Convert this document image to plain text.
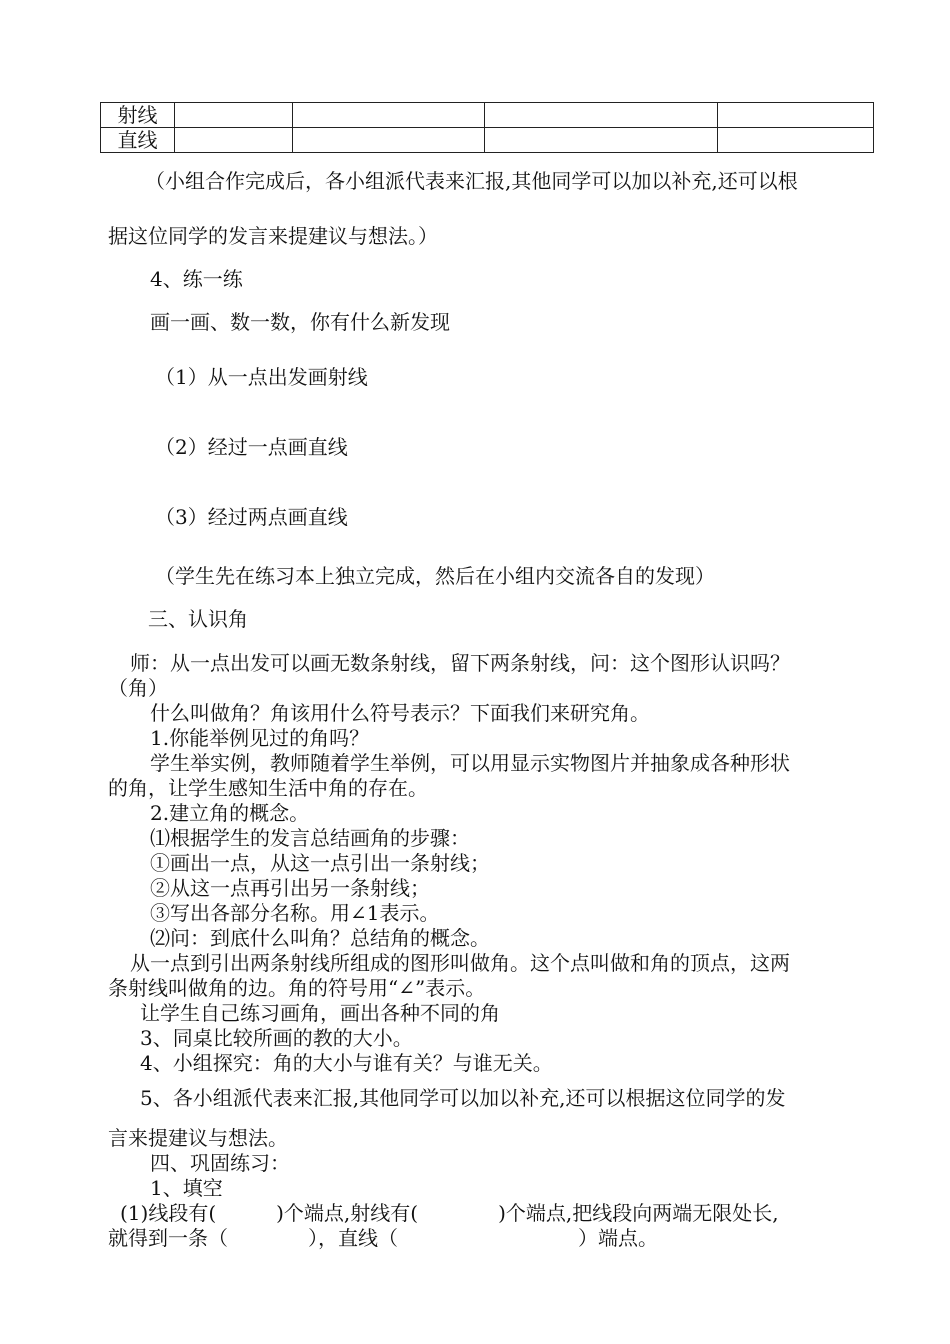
射线				
直线				
（小组合作完成后，各小组派代表来汇报,其他同学可以加以补充,还可以根
据这位同学的发言来提建议与想法。）
4、练一练
画一画、数一数，你有什么新发现
（1）从一点出发画射线
（2）经过一点画直线
（3）经过两点画直线
（学生先在练习本上独立完成，然后在小组内交流各自的发现）
三、认识角
师：从一点出发可以画无数条射线，留下两条射线，问：这个图形认识吗？
（角）
什么叫做角？角该用什么符号表示？下面我们来研究角。
1.你能举例见过的角吗？
学生举实例，教师随着学生举例，可以用显示实物图片并抽象成各种形状
的角，让学生感知生活中角的存在。
2.建立角的概念。
⑴根据学生的发言总结画角的步骤：
①画出一点，从这一点引出一条射线；
②从这一点再引出另一条射线；
③写出各部分名称。用∠1表示。
⑵问：到底什么叫角？总结角的概念。
从一点到引出两条射线所组成的图形叫做角。这个点叫做和角的顶点，这两
条射线叫做角的边。角的符号用“∠”表示。
让学生自己练习画角，画出各种不同的角
3、同桌比较所画的教的大小。
4、小组探究：角的大小与谁有关？与谁无关。
5、各小组派代表来汇报,其他同学可以加以补充,还可以根据这位同学的发
言来提建议与想法。
四、巩固练习：
1、填空
(1)线段有(　　　)个端点,射线有(　　　　)个端点,把线段向两端无限处长,
就得到一条（　　　　），直线（　　　　　　　　　）端点。
